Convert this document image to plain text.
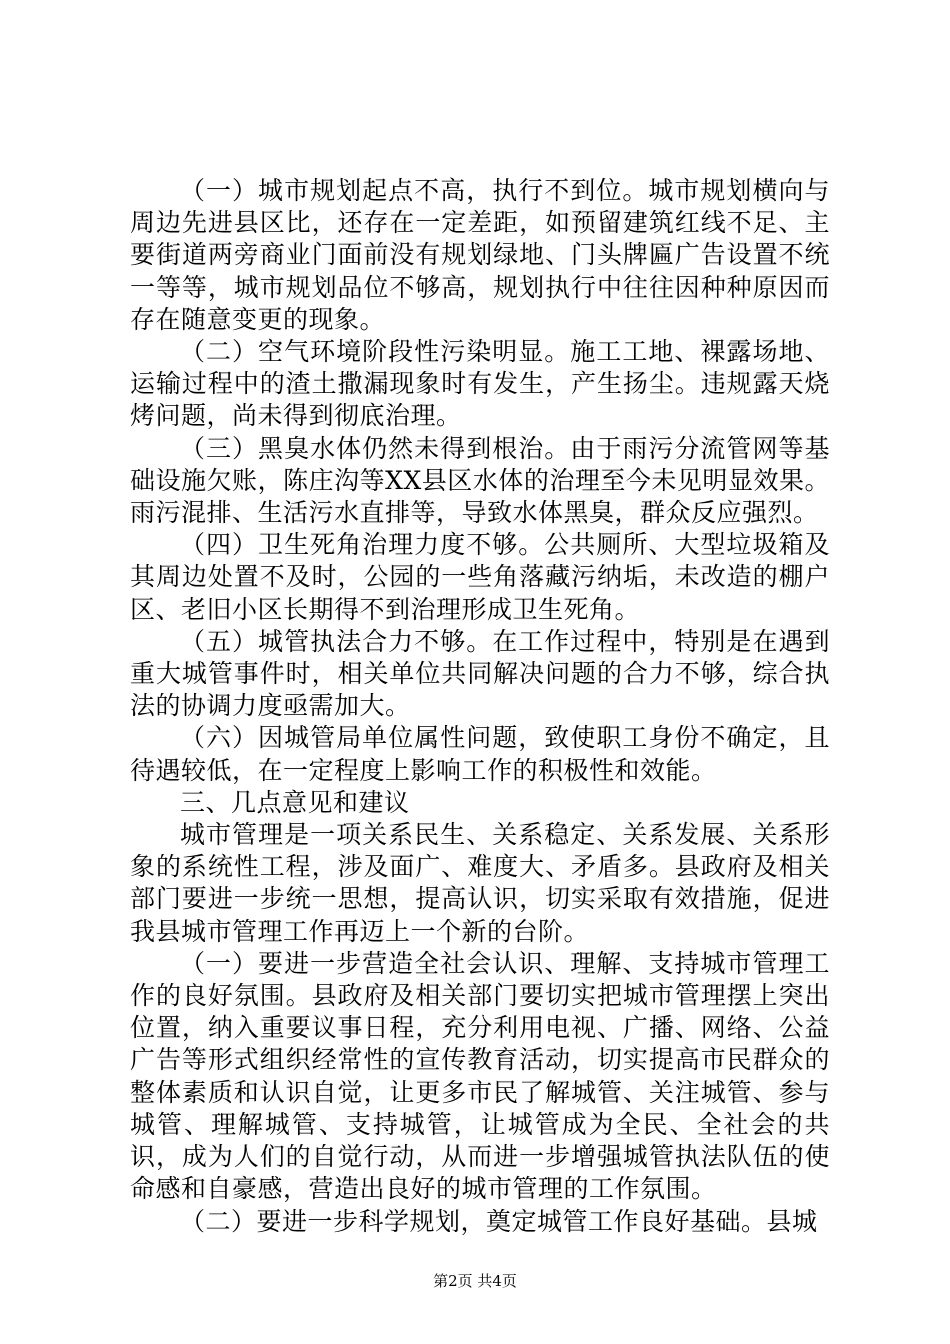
（一）城市规划起点不高，执行不到位。城市规划横向与周边先进县区比，还存在一定差距，如预留建筑红线不足、主要街道两旁商业门面前没有规划绿地、门头牌匾广告设置不统一等等，城市规划品位不够高，规划执行中往往因种种原因而存在随意变更的现象。

（二）空气环境阶段性污染明显。施工工地、裸露场地、运输过程中的渣土撒漏现象时有发生，产生扬尘。违规露天烧烤问题，尚未得到彻底治理。

（三）黑臭水体仍然未得到根治。由于雨污分流管网等基础设施欠账，陈庄沟等XX县区水体的治理至今未见明显效果。雨污混排、生活污水直排等，导致水体黑臭，群众反应强烈。

（四）卫生死角治理力度不够。公共厕所、大型垃圾箱及其周边处置不及时，公园的一些角落藏污纳垢，未改造的棚户区、老旧小区长期得不到治理形成卫生死角。

（五）城管执法合力不够。在工作过程中，特别是在遇到重大城管事件时，相关单位共同解决问题的合力不够，综合执法的协调力度亟需加大。

（六）因城管局单位属性问题，致使职工身份不确定，且待遇较低，在一定程度上影响工作的积极性和效能。

三、几点意见和建议

城市管理是一项关系民生、关系稳定、关系发展、关系形象的系统性工程，涉及面广、难度大、矛盾多。县政府及相关部门要进一步统一思想，提高认识，切实采取有效措施，促进我县城市管理工作再迈上一个新的台阶。

（一）要进一步营造全社会认识、理解、支持城市管理工作的良好氛围。县政府及相关部门要切实把城市管理摆上突出位置，纳入重要议事日程，充分利用电视、广播、网络、公益广告等形式组织经常性的宣传教育活动，切实提高市民群众的整体素质和认识自觉，让更多市民了解城管、关注城管、参与城管、理解城管、支持城管，让城管成为全民、全社会的共识，成为人们的自觉行动，从而进一步增强城管执法队伍的使命感和自豪感，营造出良好的城市管理的工作氛围。

（二）要进一步科学规划，奠定城管工作良好基础。县城

第2页 共4页
